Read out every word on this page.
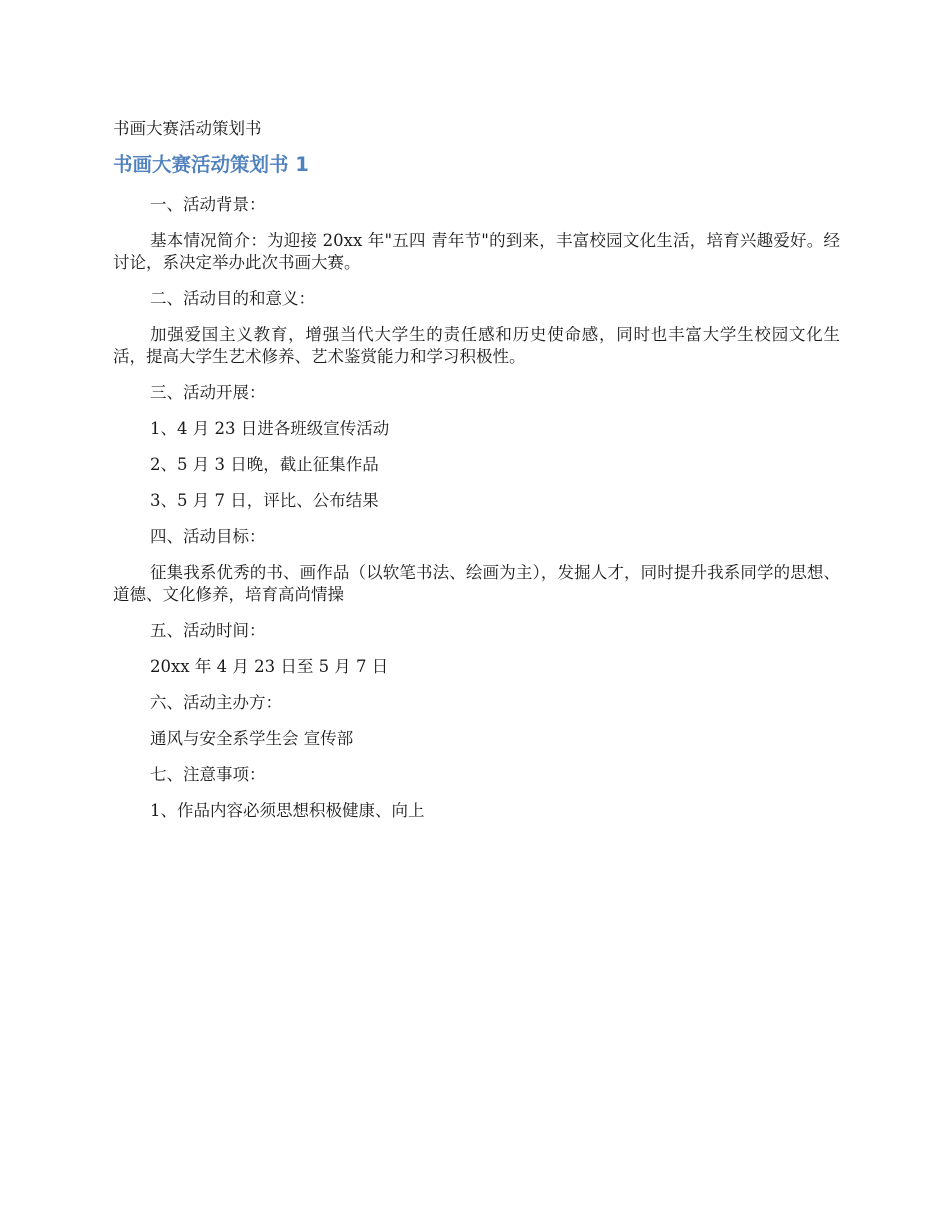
书画大赛活动策划书

书画大赛活动策划书 1

一、活动背景：

基本情况简介：为迎接 20xx 年"五四 青年节"的到来，丰富校园文化生活，培育兴趣爱好。经讨论，系决定举办此次书画大赛。

二、活动目的和意义：

加强爱国主义教育，增强当代大学生的责任感和历史使命感，同时也丰富大学生校园文化生活，提高大学生艺术修养、艺术鉴赏能力和学习积极性。

三、活动开展：

1、4 月 23 日进各班级宣传活动

2、5 月 3 日晚，截止征集作品

3、5 月 7 日，评比、公布结果

四、活动目标：

征集我系优秀的书、画作品（以软笔书法、绘画为主），发掘人才，同时提升我系同学的思想、道德、文化修养，培育高尚情操

五、活动时间：

20xx 年 4 月 23 日至 5 月 7 日

六、活动主办方：

通风与安全系学生会 宣传部

七、注意事项：

1、作品内容必须思想积极健康、向上
